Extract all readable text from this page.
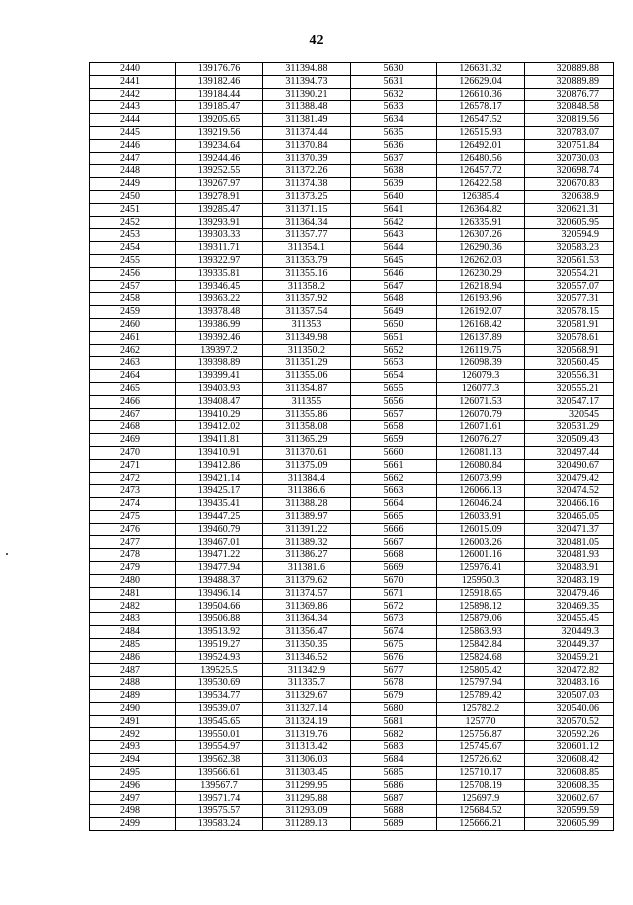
42
2440	139176.76	311394.88	5630	126631.32	320889.88
2441	139182.46	311394.73	5631	126629.04	320889.89
2442	139184.44	311390.21	5632	126610.36	320876.77
2443	139185.47	311388.48	5633	126578.17	320848.58
2444	139205.65	311381.49	5634	126547.52	320819.56
2445	139219.56	311374.44	5635	126515.93	320783.07
2446	139234.64	311370.84	5636	126492.01	320751.84
2447	139244.46	311370.39	5637	126480.56	320730.03
2448	139252.55	311372.26	5638	126457.72	320698.74
2449	139267.97	311374.38	5639	126422.58	320670.83
2450	139278.91	311373.25	5640	126385.4	320638.9
2451	139285.47	311371.15	5641	126364.82	320621.31
2452	139293.91	311364.34	5642	126335.91	320605.95
2453	139303.33	311357.77	5643	126307.26	320594.9
2454	139311.71	311354.1	5644	126290.36	320583.23
2455	139322.97	311353.79	5645	126262.03	320561.53
2456	139335.81	311355.16	5646	126230.29	320554.21
2457	139346.45	311358.2	5647	126218.94	320557.07
2458	139363.22	311357.92	5648	126193.96	320577.31
2459	139378.48	311357.54	5649	126192.07	320578.15
2460	139386.99	311353	5650	126168.42	320581.91
2461	139392.46	311349.98	5651	126137.89	320578.61
2462	139397.2	311350.2	5652	126119.75	320568.91
2463	139398.89	311351.29	5653	126098.39	320560.45
2464	139399.41	311355.06	5654	126079.3	320556.31
2465	139403.93	311354.87	5655	126077.3	320555.21
2466	139408.47	311355	5656	126071.53	320547.17
2467	139410.29	311355.86	5657	126070.79	320545
2468	139412.02	311358.08	5658	126071.61	320531.29
2469	139411.81	311365.29	5659	126076.27	320509.43
2470	139410.91	311370.61	5660	126081.13	320497.44
2471	139412.86	311375.09	5661	126080.84	320490.67
2472	139421.14	311384.4	5662	126073.99	320479.42
2473	139425.17	311386.6	5663	126066.13	320474.52
2474	139435.41	311388.28	5664	126046.24	320466.16
2475	139447.25	311389.97	5665	126033.91	320465.05
2476	139460.79	311391.22	5666	126015.09	320471.37
2477	139467.01	311389.32	5667	126003.26	320481.05
2478	139471.22	311386.27	5668	126001.16	320481.93
2479	139477.94	311381.6	5669	125976.41	320483.91
2480	139488.37	311379.62	5670	125950.3	320483.19
2481	139496.14	311374.57	5671	125918.65	320479.46
2482	139504.66	311369.86	5672	125898.12	320469.35
2483	139506.88	311364.34	5673	125879.06	320455.45
2484	139513.92	311356.47	5674	125863.93	320449.3
2485	139519.27	311350.35	5675	125842.84	320449.37
2486	139524.93	311346.52	5676	125824.68	320459.21
2487	139525.5	311342.9	5677	125805.42	320472.82
2488	139530.69	311335.7	5678	125797.94	320483.16
2489	139534.77	311329.67	5679	125789.42	320507.03
2490	139539.07	311327.14	5680	125782.2	320540.06
2491	139545.65	311324.19	5681	125770	320570.52
2492	139550.01	311319.76	5682	125756.87	320592.26
2493	139554.97	311313.42	5683	125745.67	320601.12
2494	139562.38	311306.03	5684	125726.62	320608.42
2495	139566.61	311303.45	5685	125710.17	320608.85
2496	139567.7	311299.95	5686	125708.19	320608.35
2497	139571.74	311295.88	5687	125697.9	320602.67
2498	139575.57	311293.09	5688	125684.52	320599.59
2499	139583.24	311289.13	5689	125666.21	320605.99
